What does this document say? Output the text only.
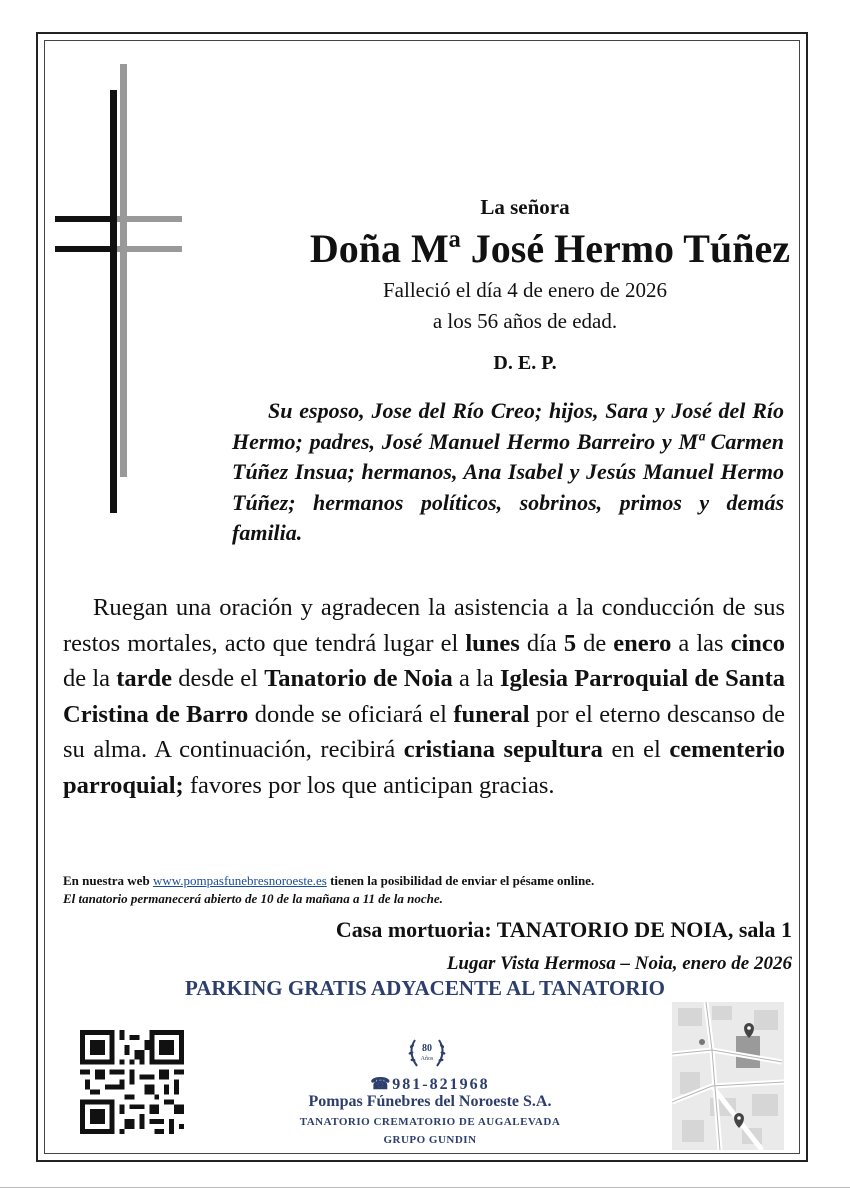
La señora
Doña Mª José Hermo Túñez
Falleció el día 4 de enero de 2026
a los 56 años de edad.
D. E. P.

Su esposo, Jose del Río Creo; hijos, Sara y José del Río Hermo; padres, José Manuel Hermo Barreiro y Mª Carmen Túñez Insua; hermanos, Ana Isabel y Jesús Manuel Hermo Túñez; hermanos políticos, sobrinos, primos y demás familia.

Ruegan una oración y agradecen la asistencia a la conducción de sus restos mortales, acto que tendrá lugar el lunes día 5 de enero a las cinco de la tarde desde el Tanatorio de Noia a la Iglesia Parroquial de Santa Cristina de Barro donde se oficiará el funeral por el eterno descanso de su alma. A continuación, recibirá cristiana sepultura en el cementerio parroquial; favores por los que anticipan gracias.

En nuestra web www.pompasfunebresnoroeste.es tienen la posibilidad de enviar el pésame online.
El tanatorio permanecerá abierto de 10 de la mañana a 11 de la noche.
Casa mortuoria: TANATORIO DE NOIA, sala 1
Lugar Vista Hermosa – Noia, enero de 2026
PARKING GRATIS ADYACENTE AL TANATORIO
80
Años
☎981-821968
Pompas Fúnebres del Noroeste S.A.
TANATORIO CREMATORIO DE AUGALEVADA
GRUPO GUNDIN
